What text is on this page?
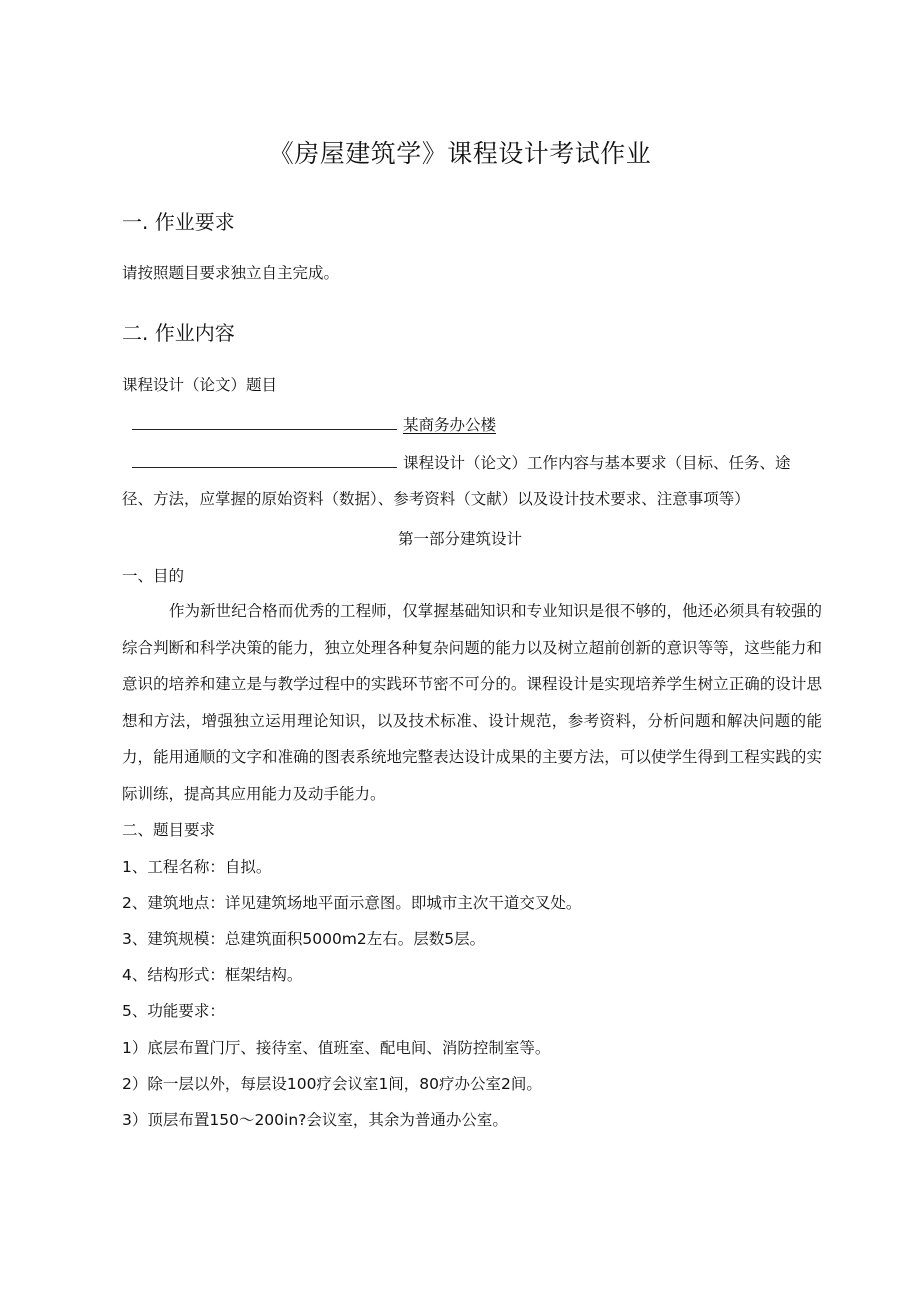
《房屋建筑学》课程设计考试作业
一. 作业要求
请按照题目要求独立自主完成。
二. 作业内容
课程设计（论文）题目
某商务办公楼
课程设计（论文）工作内容与基本要求（目标、任务、途
径、方法，应掌握的原始资料（数据）、参考资料（文献）以及设计技术要求、注意事项等）
第一部分建筑设计
一、目的
作为新世纪合格而优秀的工程师，仅掌握基础知识和专业知识是很不够的，他还必须具有较强的综合判断和科学决策的能力，独立处理各种复杂问题的能力以及树立超前创新的意识等等，这些能力和意识的培养和建立是与教学过程中的实践环节密不可分的。课程设计是实现培养学生树立正确的设计思想和方法，增强独立运用理论知识，以及技术标准、设计规范，参考资料，分析问题和解决问题的能力，能用通顺的文字和准确的图表系统地完整表达设计成果的主要方法，可以使学生得到工程实践的实际训练，提高其应用能力及动手能力。
二、题目要求
1、工程名称：自拟。
2、建筑地点：详见建筑场地平面示意图。即城市主次干道交叉处。
3、建筑规模：总建筑面积5000m2左右。层数5层。
4、结构形式：框架结构。
5、功能要求：
1）底层布置门厅、接待室、值班室、配电间、消防控制室等。
2）除一层以外，每层设100疗会议室1间，80疗办公室2间。
3）顶层布置150～200in?会议室，其余为普通办公室。
